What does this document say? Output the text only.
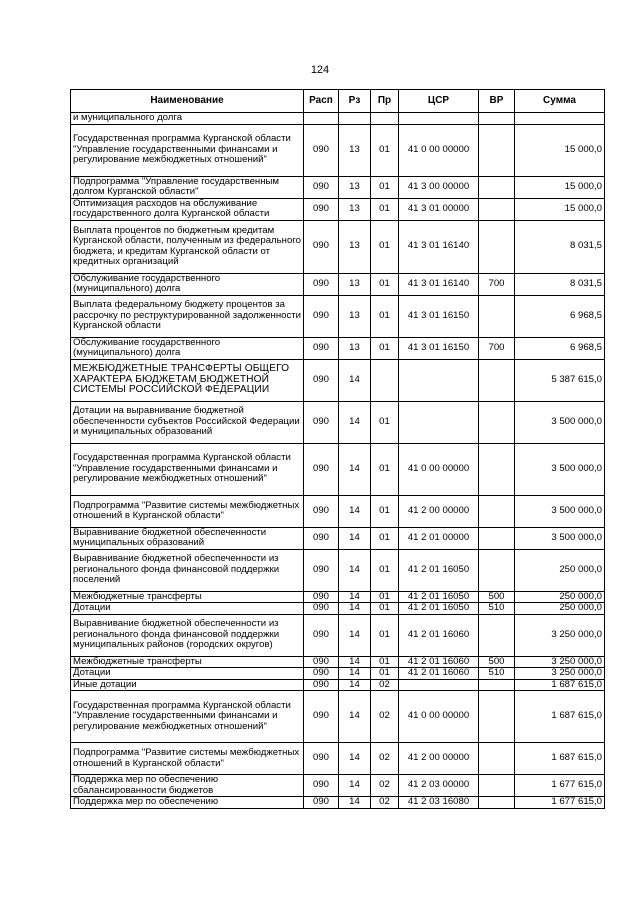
124
Наименование	Расп	Рз	Пр	ЦСР	ВР	Сумма
и муниципального долга						
Государственная программа Курганской области "Управление государственными финансами и регулирование межбюджетных отношений"	090	13	01	41 0 00 00000		15 000,0
Подпрограмма "Управление государственным долгом Курганской области"	090	13	01	41 3 00 00000		15 000,0
Оптимизация расходов на обслуживание государственного долга Курганской области	090	13	01	41 3 01 00000		15 000,0
Выплата процентов по бюджетным кредитам Курганской области, полученным из федерального бюджета, и кредитам Курганской области от кредитных организаций	090	13	01	41 3 01 16140		8 031,5
Обслуживание государственного (муниципального) долга	090	13	01	41 3 01 16140	700	8 031,5
Выплата федеральному бюджету процентов за рассрочку по реструктурированной задолженности Курганской области	090	13	01	41 3 01 16150		6 968,5
Обслуживание государственного (муниципального) долга	090	13	01	41 3 01 16150	700	6 968,5
МЕЖБЮДЖЕТНЫЕ ТРАНСФЕРТЫ ОБЩЕГО ХАРАКТЕРА БЮДЖЕТАМ БЮДЖЕТНОЙ СИСТЕМЫ РОССИЙСКОЙ ФЕДЕРАЦИИ	090	14				5 387 615,0
Дотации на выравнивание бюджетной обеспеченности субъектов Российской Федерации и муниципальных образований	090	14	01			3 500 000,0
Государственная программа Курганской области "Управление государственными финансами и регулирование межбюджетных отношений"	090	14	01	41 0 00 00000		3 500 000,0
Подпрограмма "Развитие системы межбюджетных отношений в Курганской области"	090	14	01	41 2 00 00000		3 500 000,0
Выравнивание бюджетной обеспеченности муниципальных образований	090	14	01	41 2 01 00000		3 500 000,0
Выравнивание бюджетной обеспеченности из регионального фонда финансовой поддержки поселений	090	14	01	41 2 01 16050		250 000,0
Межбюджетные трансферты	090	14	01	41 2 01 16050	500	250 000,0
Дотации	090	14	01	41 2 01 16050	510	250 000,0
Выравнивание бюджетной обеспеченности из регионального фонда финансовой поддержки муниципальных районов (городских округов)	090	14	01	41 2 01 16060		3 250 000,0
Межбюджетные трансферты	090	14	01	41 2 01 16060	500	3 250 000,0
Дотации	090	14	01	41 2 01 16060	510	3 250 000,0
Иные дотации	090	14	02			1 687 615,0
Государственная программа Курганской области "Управление государственными финансами и регулирование межбюджетных отношений"	090	14	02	41 0 00 00000		1 687 615,0
Подпрограмма "Развитие системы межбюджетных отношений в Курганской области"	090	14	02	41 2 00 00000		1 687 615,0
Поддержка мер по обеспечению сбалансированности бюджетов	090	14	02	41 2 03 00000		1 677 615,0
Поддержка мер по обеспечению	090	14	02	41 2 03 16080		1 677 615,0
